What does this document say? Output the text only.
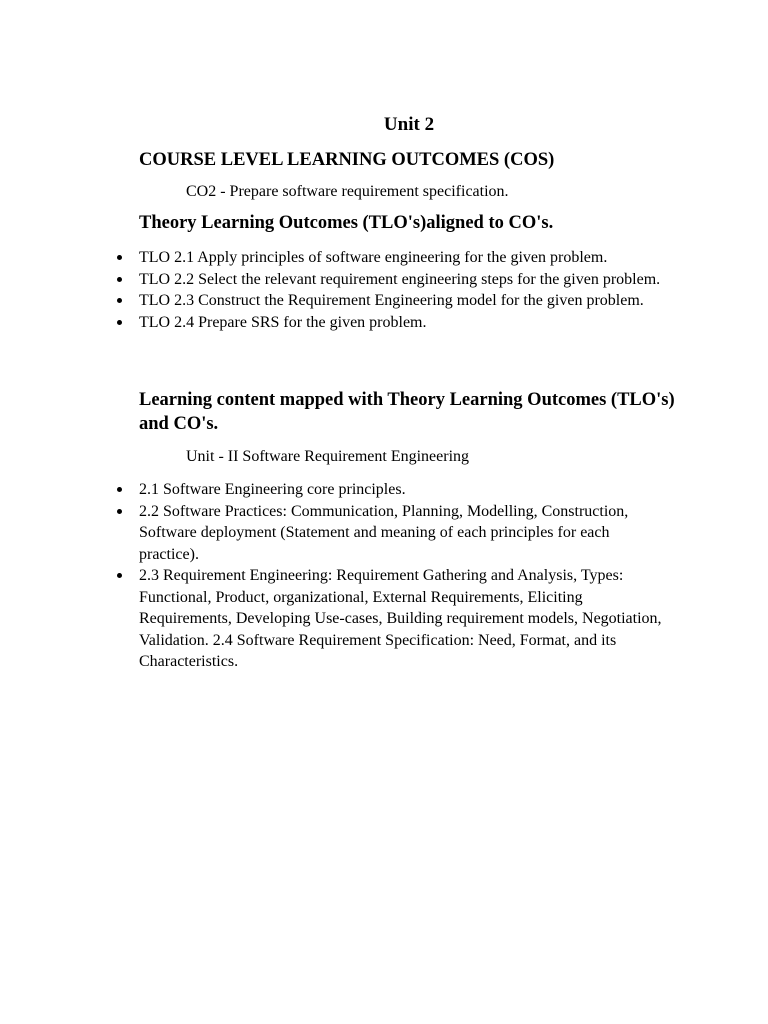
Unit 2
COURSE LEVEL LEARNING OUTCOMES (COS)

CO2 - Prepare software requirement specification.

Theory Learning Outcomes (TLO's)aligned to CO's.
TLO 2.1 Apply principles of software engineering for the given problem.
TLO 2.2 Select the relevant requirement engineering steps for the given problem.
TLO 2.3 Construct the Requirement Engineering model for the given problem.
TLO 2.4 Prepare SRS for the given problem.
Learning content mapped with Theory Learning Outcomes (TLO's) and CO's.

Unit - II Software Requirement Engineering

2.1 Software Engineering core principles.
2.2 Software Practices: Communication, Planning, Modelling, Construction, Software deployment (Statement and meaning of each principles for each practice).
2.3 Requirement Engineering: Requirement Gathering and Analysis, Types: Functional, Product, organizational, External Requirements, Eliciting Requirements, Developing Use-cases, Building requirement models, Negotiation, Validation. 2.4 Software Requirement Specification: Need, Format, and its Characteristics.
